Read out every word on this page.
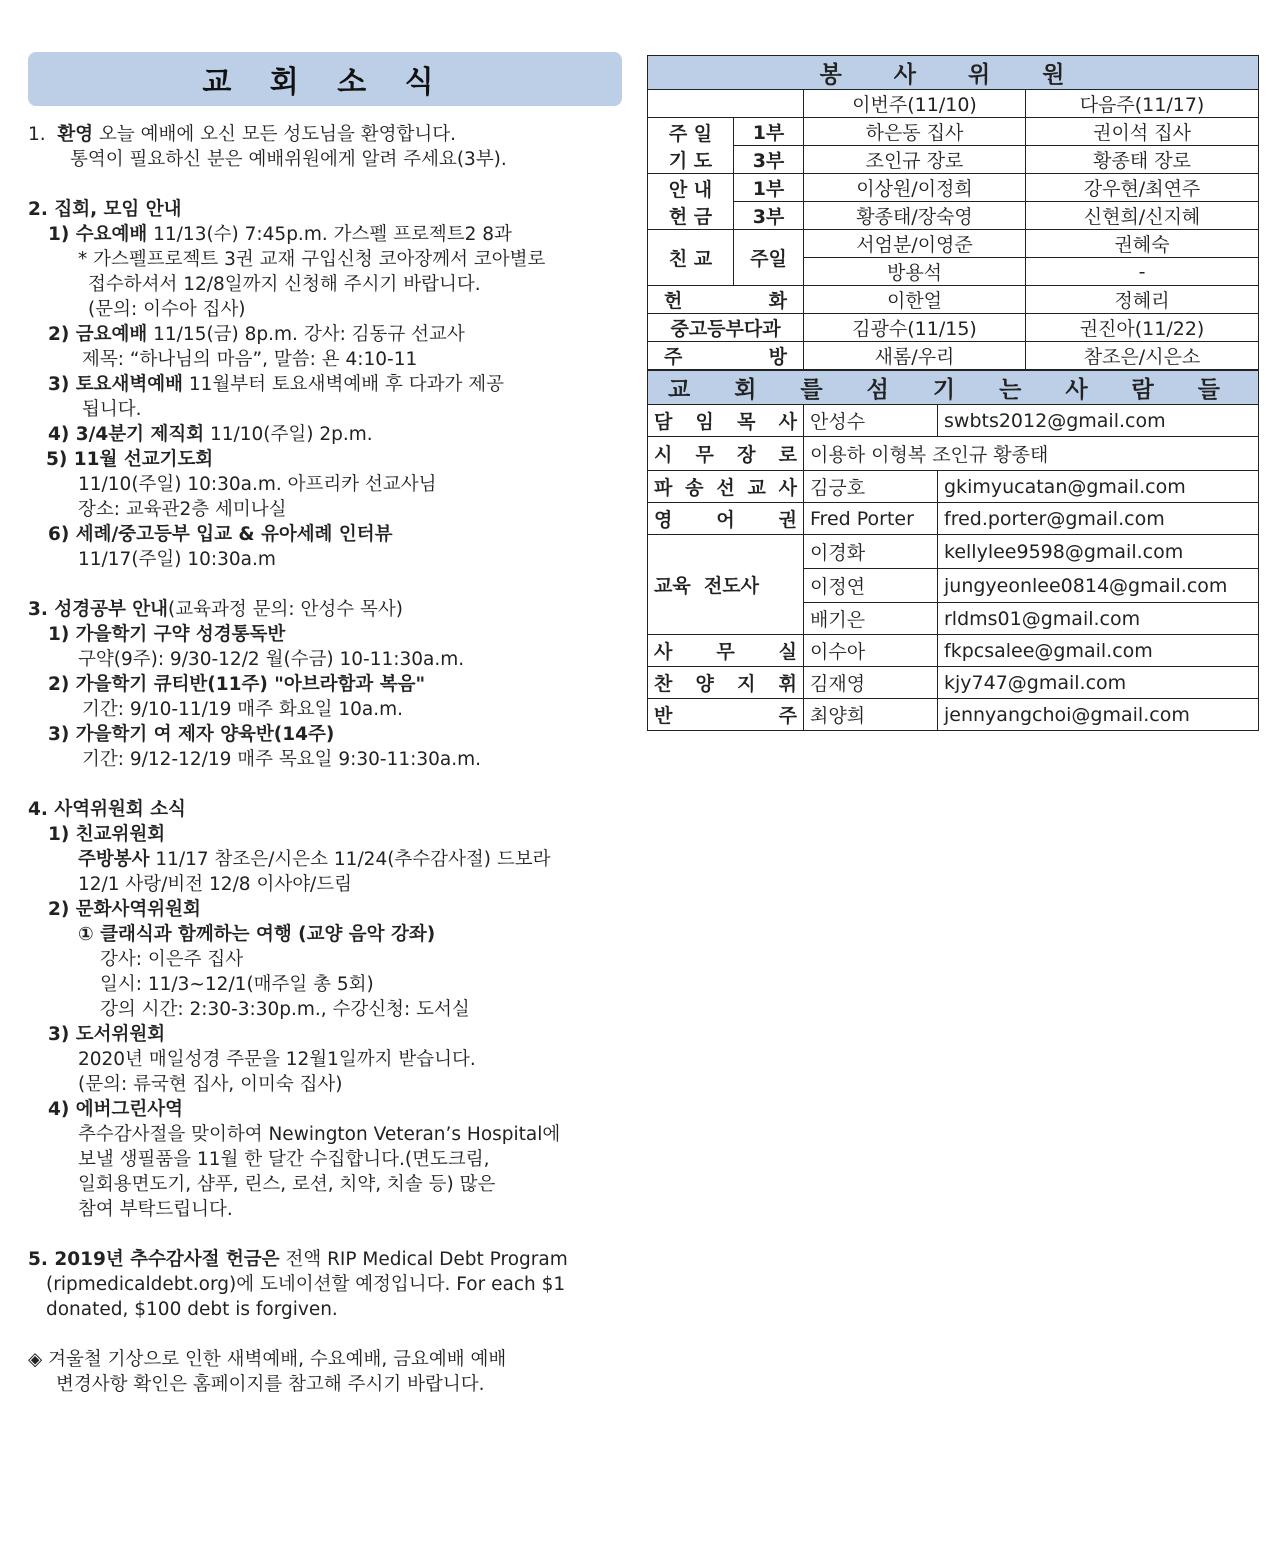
교 회 소 식
1. 환영 오늘 예배에 오신 모든 성도님을 환영합니다.
통역이 필요하신 분은 예배위원에게 알려 주세요(3부).
2. 집회, 모임 안내
1) 수요예배 11/13(수) 7:45p.m. 가스펠 프로젝트2 8과
* 가스펠프로젝트 3권 교재 구입신청 코아장께서 코아별로
접수하셔서 12/8일까지 신청해 주시기 바랍니다.
(문의: 이수아 집사)
2) 금요예배 11/15(금) 8p.m. 강사: 김동규 선교사
제목: “하나님의 마음”, 말씀: 욘 4:10-11
3) 토요새벽예배 11월부터 토요새벽예배 후 다과가 제공
됩니다.
4) 3/4분기 제직회 11/10(주일) 2p.m.
5) 11월 선교기도회
11/10(주일) 10:30a.m. 아프리카 선교사님
장소: 교육관2층 세미나실
6) 세례/중고등부 입교 & 유아세례 인터뷰
11/17(주일) 10:30a.m
3. 성경공부 안내(교육과정 문의: 안성수 목사)
1) 가을학기 구약 성경통독반
구약(9주): 9/30-12/2 월(수금) 10-11:30a.m.
2) 가을학기 큐티반(11주) "아브라함과 복음"
기간: 9/10-11/19 매주 화요일 10a.m.
3) 가을학기 여 제자 양육반(14주)
기간: 9/12-12/19 매주 목요일 9:30-11:30a.m.
4. 사역위원회 소식
1) 친교위원회
주방봉사 11/17 참조은/시은소 11/24(추수감사절) 드보라
12/1 사랑/비전 12/8 이사야/드림
2) 문화사역위원회
① 클래식과 함께하는 여행 (교양 음악 강좌)
강사: 이은주 집사
일시: 11/3~12/1(매주일 총 5회)
강의 시간: 2:30-3:30p.m., 수강신청: 도서실
3) 도서위원회
2020년 매일성경 주문을 12월1일까지 받습니다.
(문의: 류국현 집사, 이미숙 집사)
4) 에버그린사역
추수감사절을 맞이하여 Newington Veteran’s Hospital에
보낼 생필품을 11월 한 달간 수집합니다.(면도크림,
일회용면도기, 샴푸, 린스, 로션, 치약, 치솔 등) 많은
참여 부탁드립니다.
5. 2019년 추수감사절 헌금은 전액 RIP Medical Debt Program
(ripmedicaldebt.org)에 도네이션할 예정입니다. For each $1
donated, $100 debt is forgiven.
◈ 겨울철 기상으로 인한 새벽예배, 수요예배, 금요예배 예배
변경사항 확인은 홈페이지를 참고해 주시기 바랍니다.
봉 사 위 원			
		이번주(11/10)	다음주(11/17)

주 일
기 도	1부	하은동 집사	권이석 집사
	3부	조인규 장로	황종태 장로

안 내
헌 금	1부	이상원/이정희	강우현/최연주
	3부	황종태/장숙영	신현희/신지혜
친 교	주일	서엄분/이영준	권혜숙
		방용석	-

헌 화		이한얼	정혜리
중고등부다과		김광수(11/15)	권진아(11/22)

주 방		새롬/우리	참조은/시은소
교 회 를 섬 기 는 사 람 들		

담 임 목 사	안성수	swbts2012@gmail.com

시 무 장 로	이용하 이형복 조인규 황종태	

파 송 선 교 사	김긍호	gkimyucatan@gmail.com

영 어 권	Fred Porter	fred.porter@gmail.com
교육  전도사	이경화	kellylee9598@gmail.com
	이정연	jungyeonlee0814@gmail.com
	배기은	rldms01@gmail.com

사 무 실	이수아	fkpcsalee@gmail.com

찬 양 지 휘	김재영	kjy747@gmail.com

반 주	최양희	jennyangchoi@gmail.com
